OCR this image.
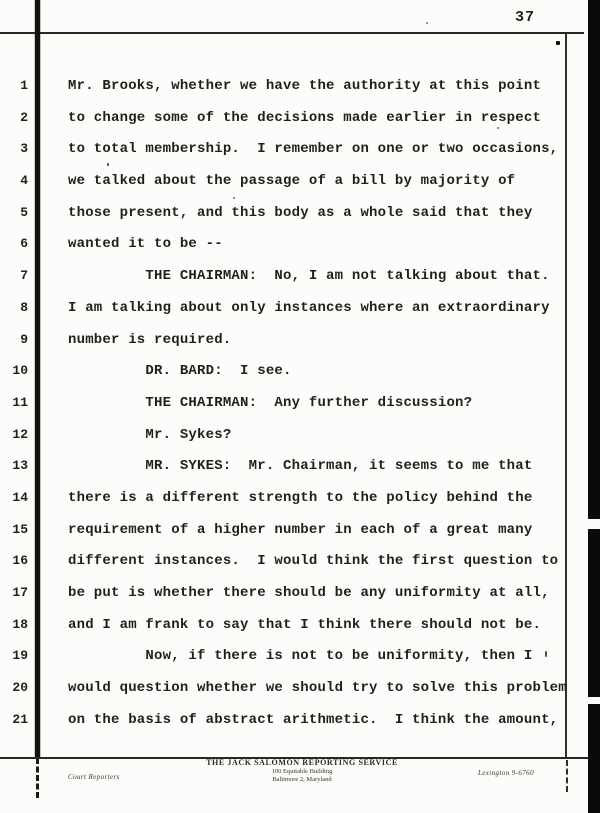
37
1	Mr. Brooks, whether we have the authority at this point
2	to change some of the decisions made earlier in respect
3	to total membership.  I remember on one or two occasions,
4	we talked about the passage of a bill by majority of
5	those present, and this body as a whole said that they
6	wanted it to be --
7	THE CHAIRMAN:  No, I am not talking about that.
8	I am talking about only instances where an extraordinary
9	number is required.
10	DR. BARD:  I see.
11	THE CHAIRMAN:  Any further discussion?
12	Mr. Sykes?
13	MR. SYKES:  Mr. Chairman, it seems to me that
14	there is a different strength to the policy behind the
15	requirement of a higher number in each of a great many
16	different instances.  I would think the first question to
17	be put is whether there should be any uniformity at all,
18	and I am frank to say that I think there should not be.
19	Now, if there is not to be uniformity, then I
20	would question whether we should try to solve this problem
21	on the basis of abstract arithmetic.  I think the amount,
THE JACK SALOMON REPORTING SERVICE
100 Equitable Building
Baltimore 2, Maryland
Court Reporters	Lexington 9-6760
